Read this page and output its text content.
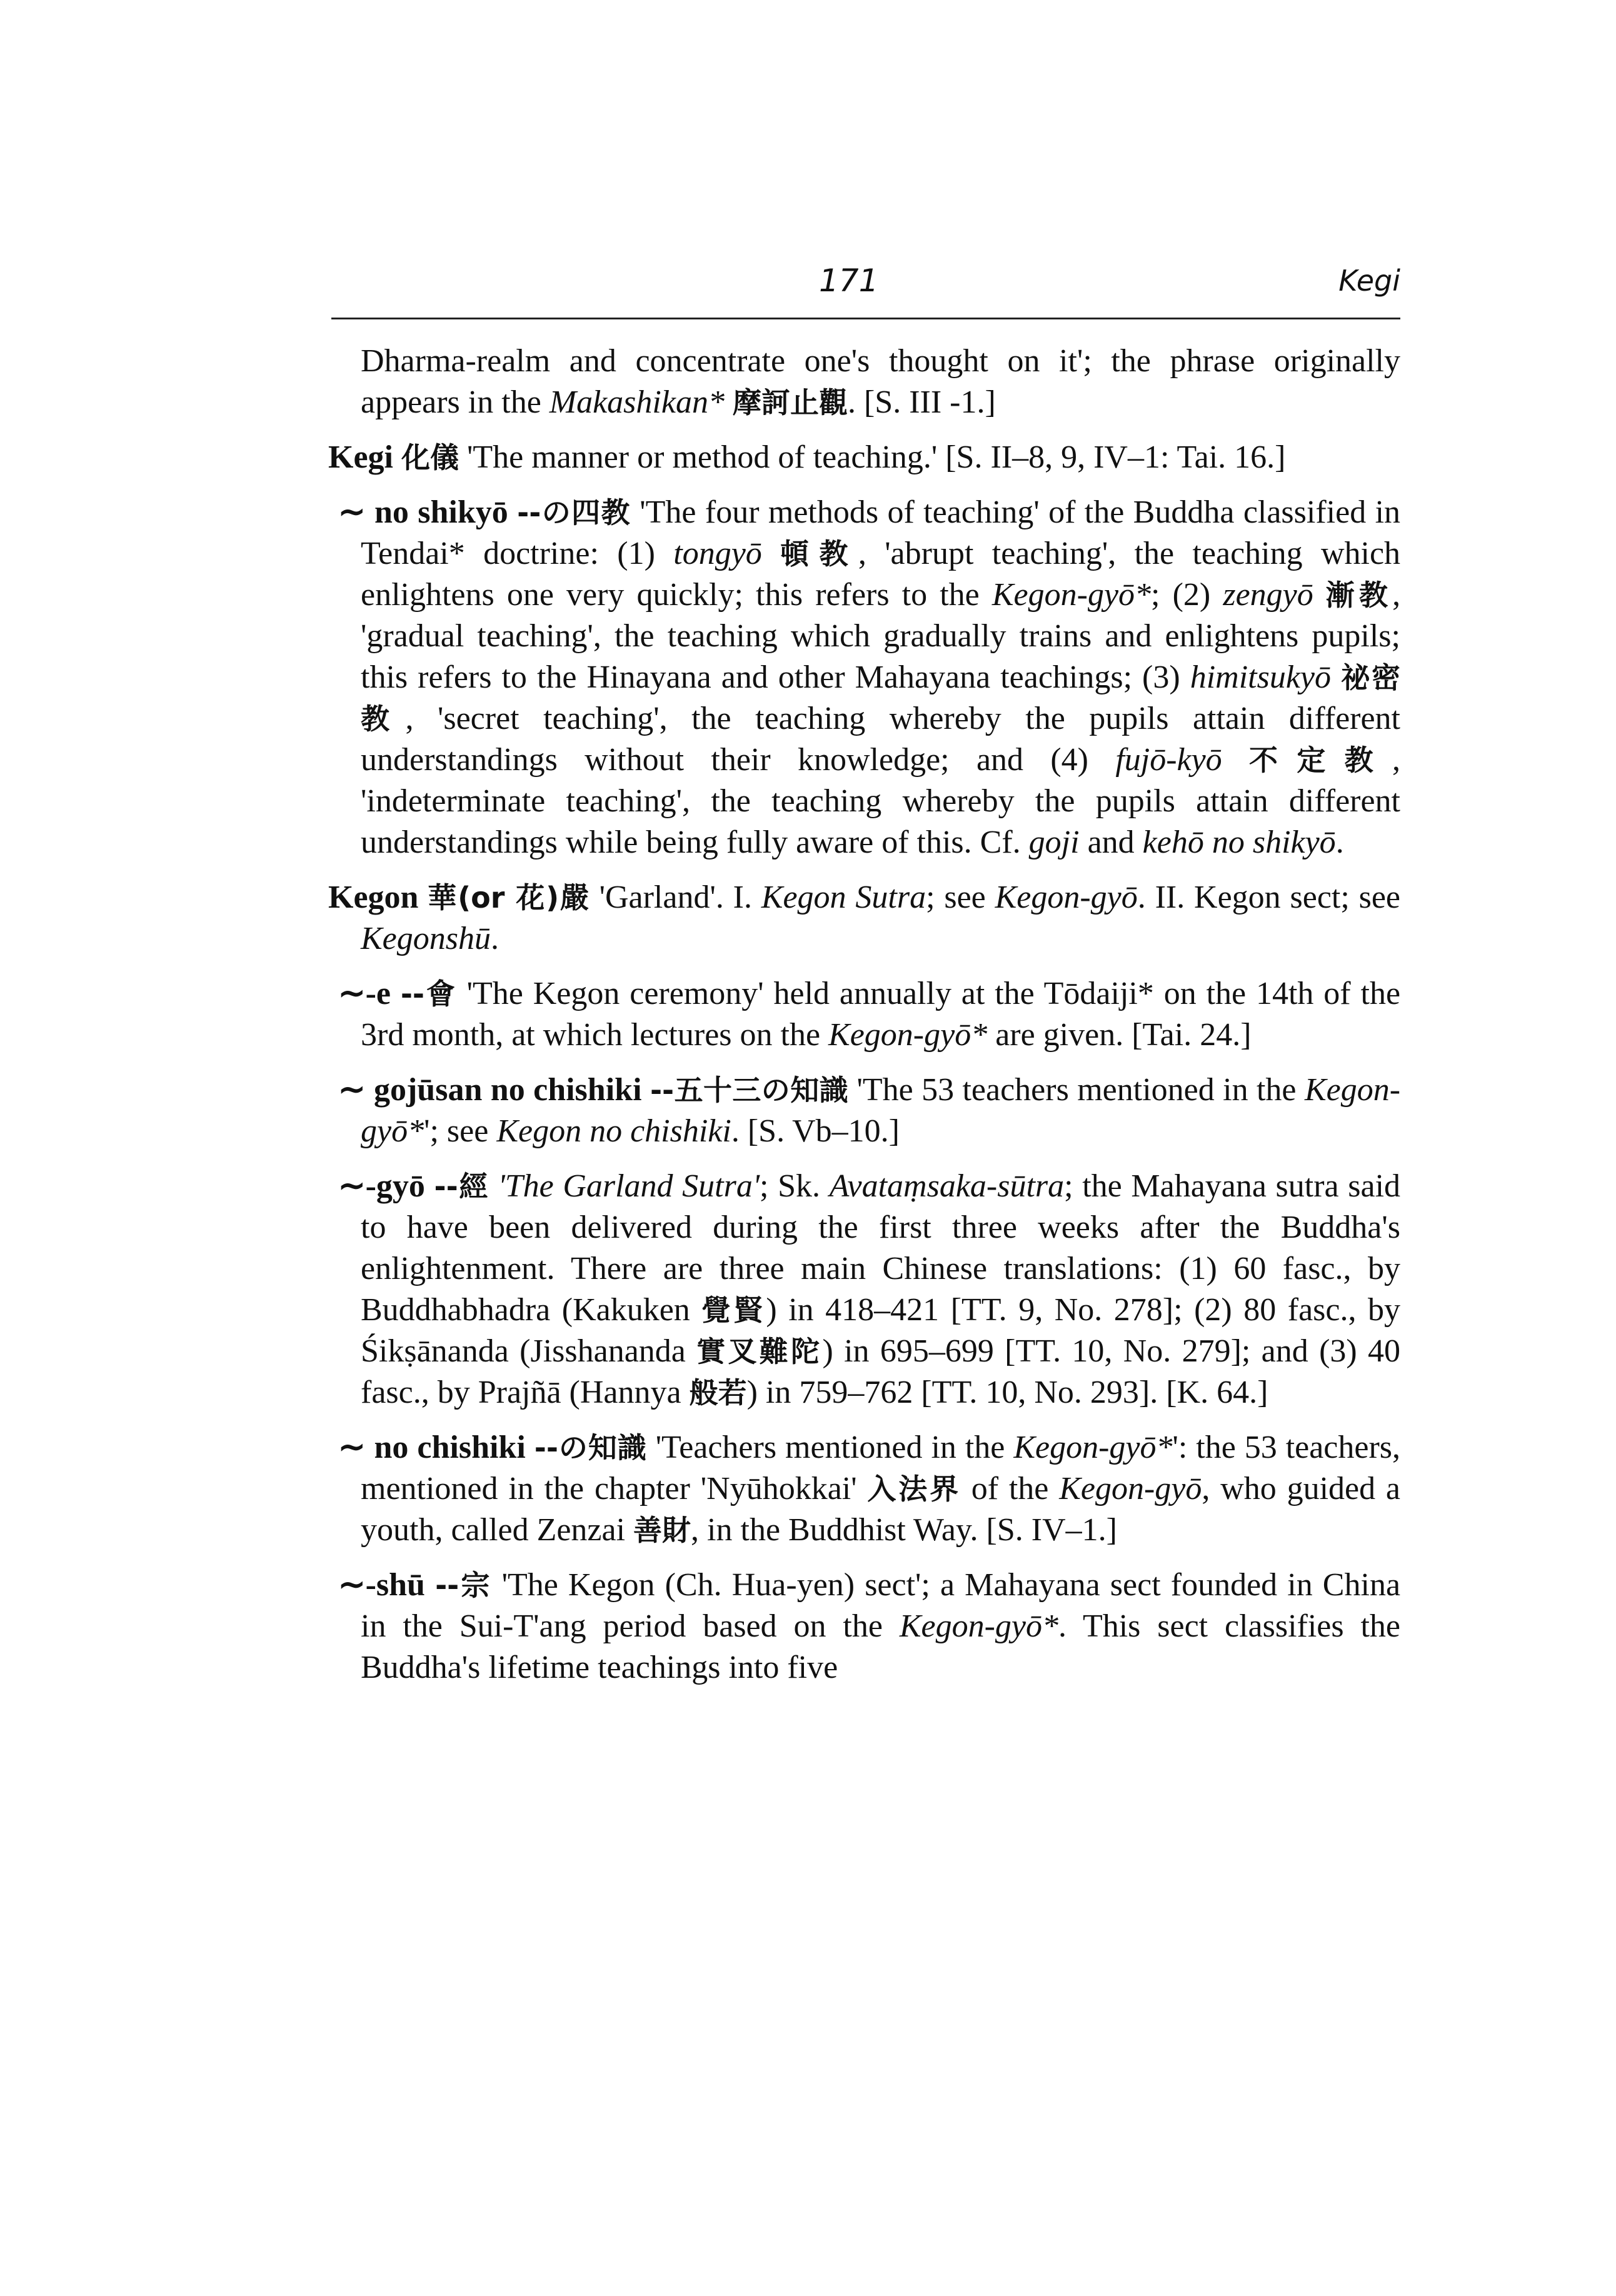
171	Kegi

Dharma-realm and concentrate one's thought on it'; the phrase originally appears in the Makashikan* 摩訶止觀. [S. III -1.]

Kegi 化儀 'The manner or method of teaching.' [S. II–8, 9, IV–1: Tai. 16.]

∼ no shikyō --の四教 'The four methods of teaching' of the Buddha classified in Tendai* doctrine: (1) tongyō 頓教, 'abrupt teaching', the teaching which enlightens one very quickly; this refers to the Kegon-gyō*; (2) zengyō 漸教, 'gradual teaching', the teaching which gradually trains and enlightens pupils; this refers to the Hinayana and other Mahayana teachings; (3) himitsukyō 祕密教, 'secret teaching', the teaching whereby the pupils attain different understandings without their knowledge; and (4) fujō-kyō 不定教, 'indeterminate teaching', the teaching whereby the pupils attain different understandings while being fully aware of this. Cf. goji and kehō no shikyō.

Kegon 華(or 花)嚴 'Garland'. I. Kegon Sutra; see Kegon-gyō. II. Kegon sect; see Kegonshū.

∼-e --會 'The Kegon ceremony' held annually at the Tōdaiji* on the 14th of the 3rd month, at which lectures on the Kegon-gyō* are given. [Tai. 24.]

∼ gojūsan no chishiki --五十三の知識 'The 53 teachers mentioned in the Kegon-gyō*'; see Kegon no chishiki. [S. Vb–10.]

∼-gyō --經 'The Garland Sutra'; Sk. Avataṃsaka-sūtra; the Mahayana sutra said to have been delivered during the first three weeks after the Buddha's enlightenment. There are three main Chinese translations: (1) 60 fasc., by Buddhabhadra (Kakuken 覺賢) in 418–421 [TT. 9, No. 278]; (2) 80 fasc., by Śikṣānanda (Jisshananda 實叉難陀) in 695–699 [TT. 10, No. 279]; and (3) 40 fasc., by Prajñā (Hannya 般若) in 759–762 [TT. 10, No. 293]. [K. 64.]

∼ no chishiki --の知識 'Teachers mentioned in the Kegon-gyō*': the 53 teachers, mentioned in the chapter 'Nyūhokkai' 入法界 of the Kegon-gyō, who guided a youth, called Zenzai 善財, in the Buddhist Way. [S. IV–1.]

∼-shū --宗 'The Kegon (Ch. Hua-yen) sect'; a Mahayana sect founded in China in the Sui-T'ang period based on the Kegon-gyō*. This sect classifies the Buddha's lifetime teachings into five
